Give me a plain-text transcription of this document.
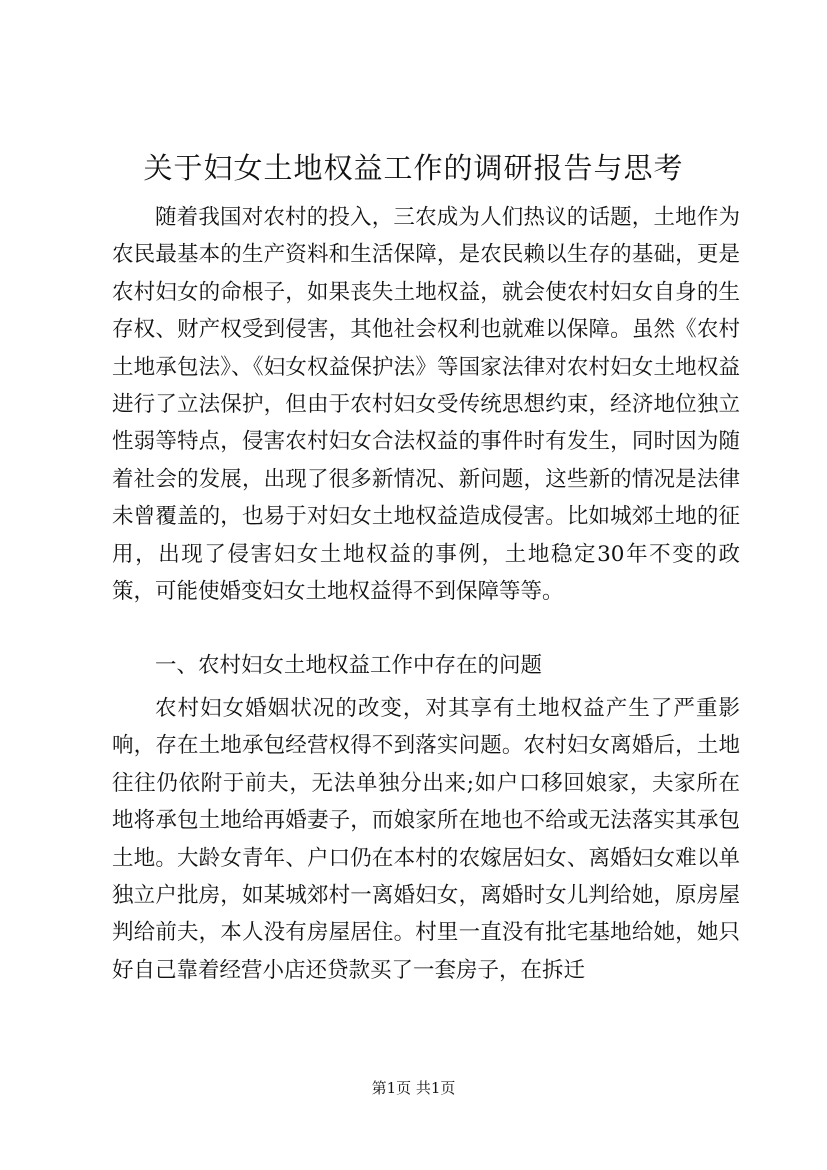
关于妇女土地权益工作的调研报告与思考

随着我国对农村的投入，三农成为人们热议的话题，土地作为农民最基本的生产资料和生活保障，是农民赖以生存的基础，更是农村妇女的命根子，如果丧失土地权益，就会使农村妇女自身的生存权、财产权受到侵害，其他社会权利也就难以保障。虽然《农村土地承包法》、《妇女权益保护法》等国家法律对农村妇女土地权益进行了立法保护，但由于农村妇女受传统思想约束，经济地位独立性弱等特点，侵害农村妇女合法权益的事件时有发生，同时因为随着社会的发展，出现了很多新情况、新问题，这些新的情况是法律未曾覆盖的，也易于对妇女土地权益造成侵害。比如城郊土地的征用，出现了侵害妇女土地权益的事例，土地稳定30年不变的政策，可能使婚变妇女土地权益得不到保障等等。

一、农村妇女土地权益工作中存在的问题

农村妇女婚姻状况的改变，对其享有土地权益产生了严重影响，存在土地承包经营权得不到落实问题。农村妇女离婚后，土地往往仍依附于前夫，无法单独分出来;如户口移回娘家，夫家所在地将承包土地给再婚妻子，而娘家所在地也不给或无法落实其承包土地。大龄女青年、户口仍在本村的农嫁居妇女、离婚妇女难以单独立户批房，如某城郊村一离婚妇女，离婚时女儿判给她，原房屋判给前夫，本人没有房屋居住。村里一直没有批宅基地给她，她只好自己靠着经营小店还贷款买了一套房子，在拆迁

第1页 共1页
